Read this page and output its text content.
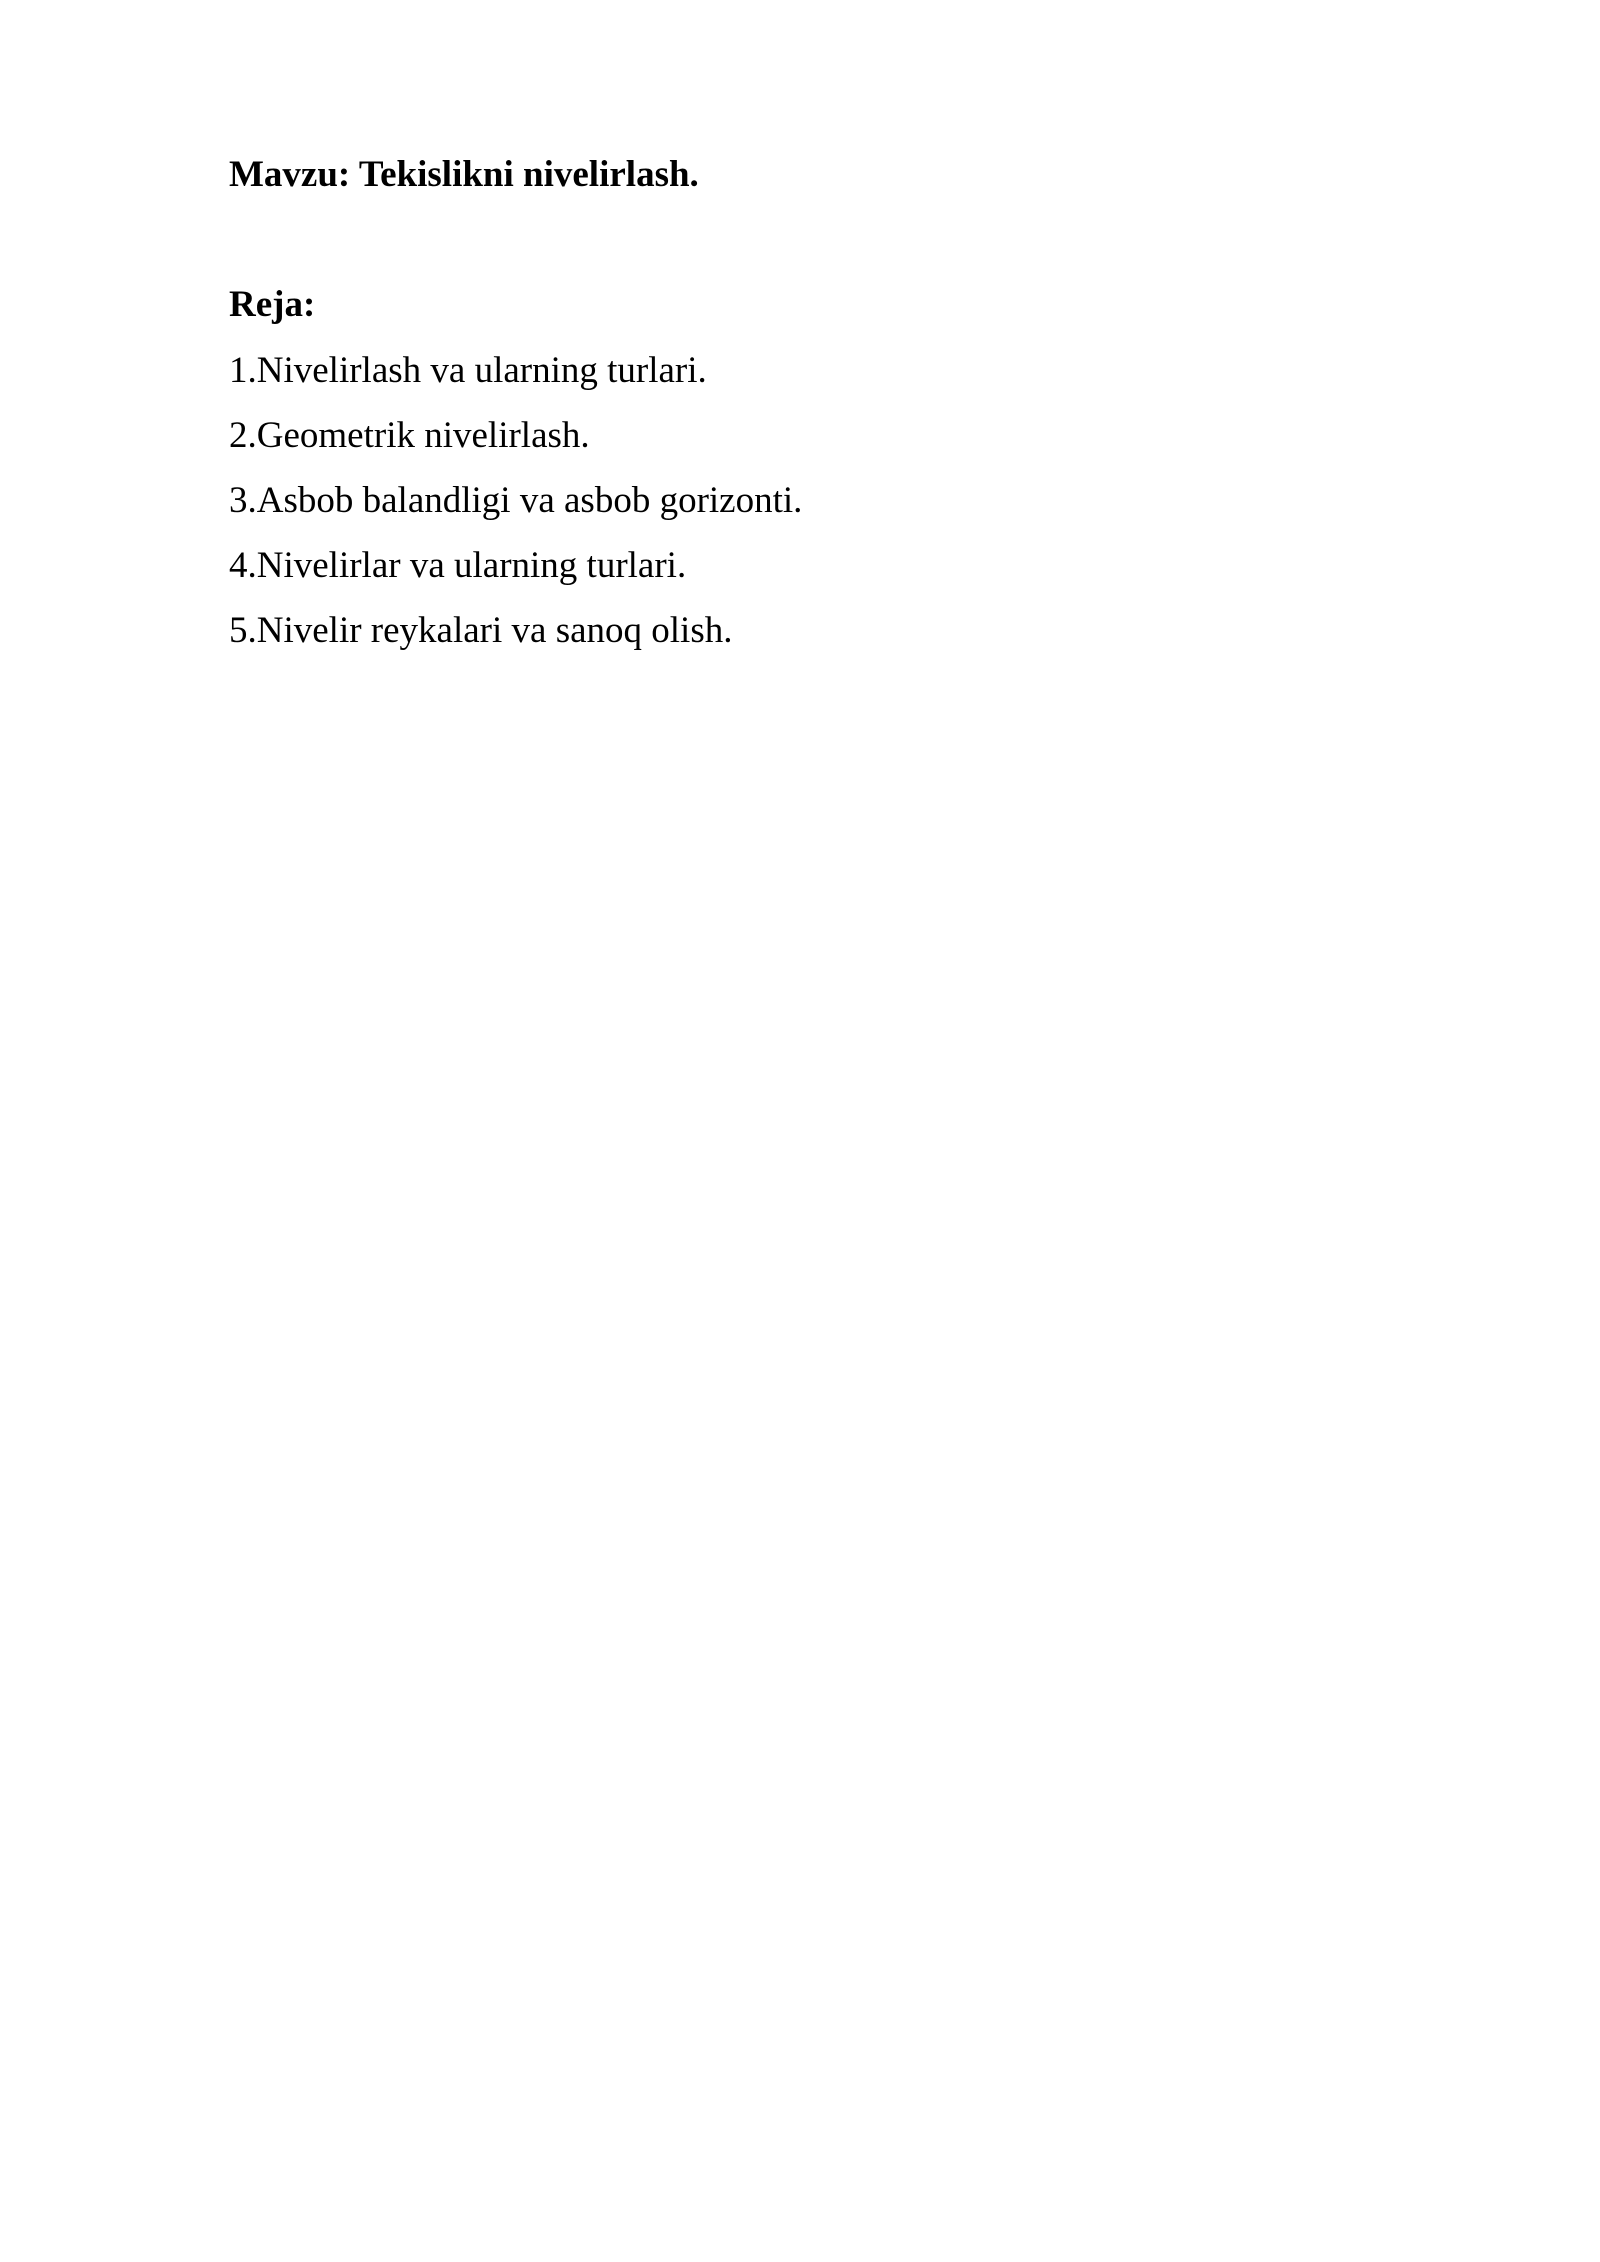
Mavzu: Tekislikni nivelirlash.

Reja:

1.Nivelirlash va ularning turlari.
2.Geometrik nivelirlash.
3.Asbob balandligi va asbob gorizonti.
4.Nivelirlar va ularning turlari.
5.Nivelir reykalari va sanoq olish.
